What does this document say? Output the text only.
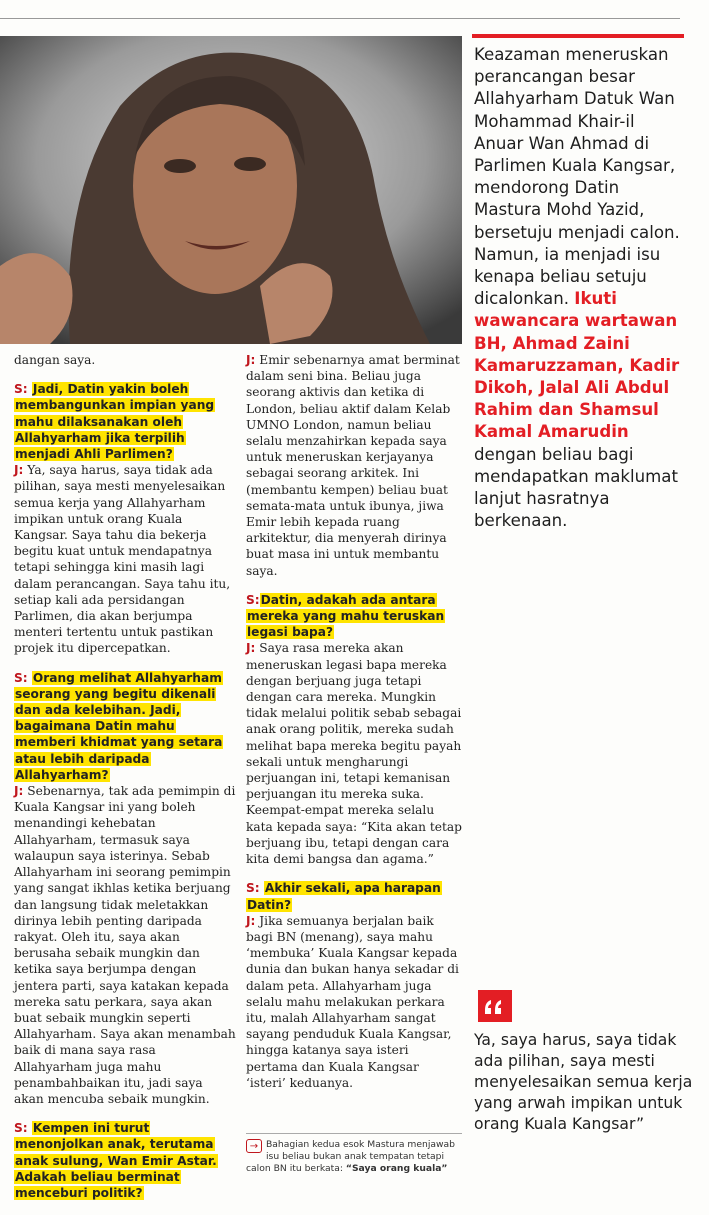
dangan saya.

S: Jadi, Datin yakin boleh membangunkan impian yang mahu dilaksanakan oleh Allahyarham jika terpilih menjadi Ahli Parlimen?
J: Ya, saya harus, saya tidak ada pilihan, saya mesti menyelesaikan semua kerja yang Allahyarham impikan untuk orang Kuala Kangsar. Saya tahu dia bekerja begitu kuat untuk mendapatnya tetapi sehingga kini masih lagi dalam perancangan. Saya tahu itu, setiap kali ada persidangan Parlimen, dia akan berjumpa menteri tertentu untuk pastikan projek itu dipercepatkan.

S: Orang melihat Allahyarham seorang yang begitu dikenali dan ada kelebihan. Jadi, bagaimana Datin mahu memberi khidmat yang setara atau lebih daripada Allahyarham?
J: Sebenarnya, tak ada pemimpin di Kuala Kangsar ini yang boleh menandingi kehebatan Allahyarham, termasuk saya walaupun saya isterinya. Sebab Allahyarham ini seorang pemimpin yang sangat ikhlas ketika berjuang dan langsung tidak meletakkan dirinya lebih penting daripada rakyat. Oleh itu, saya akan berusaha sebaik mungkin dan ketika saya berjumpa dengan jentera parti, saya katakan kepada mereka satu perkara, saya akan buat sebaik mungkin seperti Allahyarham. Saya akan menambah baik di mana saya rasa Allahyarham juga mahu penambahbaikan itu, jadi saya akan mencuba sebaik mungkin.

S: Kempen ini turut menonjolkan anak, terutama anak sulung, Wan Emir Astar. Adakah beliau berminat menceburi politik?

J: Emir sebenarnya amat berminat dalam seni bina. Beliau juga seorang aktivis dan ketika di London, beliau aktif dalam Kelab UMNO London, namun beliau selalu menzahirkan kepada saya untuk meneruskan kerjayanya sebagai seorang arkitek. Ini (membantu kempen) beliau buat semata-mata untuk ibunya, jiwa Emir lebih kepada ruang arkitektur, dia menyerah dirinya buat masa ini untuk membantu saya.

S:Datin, adakah ada antara mereka yang mahu teruskan legasi bapa?
J: Saya rasa mereka akan meneruskan legasi bapa mereka dengan berjuang juga tetapi dengan cara mereka. Mungkin tidak melalui politik sebab sebagai anak orang politik, mereka sudah melihat bapa mereka begitu payah sekali untuk mengharungi perjuangan ini, tetapi kemanisan perjuangan itu mereka suka. Keempat-empat mereka selalu kata kepada saya: “Kita akan tetap berjuang ibu, tetapi dengan cara kita demi bangsa dan agama.”

S: Akhir sekali, apa harapan Datin?
J: Jika semuanya berjalan baik bagi BN (menang), saya mahu ‘membuka’ Kuala Kangsar kepada dunia dan bukan hanya sekadar di dalam peta. Allahyarham juga selalu mahu melakukan perkara itu, malah Allahyarham sangat sayang penduduk Kuala Kangsar, hingga katanya saya isteri pertama dan Kuala Kangsar ‘isteri’ keduanya.

→ Bahagian kedua esok Mastura menjawab isu beliau bukan anak tempatan tetapi calon BN itu berkata: “Saya orang kuala”
Keazaman meneruskan perancangan besar Allahyarham Datuk Wan Mohammad Khair-il Anuar Wan Ahmad di Parlimen Kuala Kangsar, mendorong Datin Mastura Mohd Yazid, bersetuju menjadi calon. Namun, ia menjadi isu kenapa beliau setuju dicalonkan. Ikuti wawancara wartawan BH, Ahmad Zaini Kamaruzzaman, Kadir Dikoh, Jalal Ali Abdul Rahim dan Shamsul Kamal Amarudin dengan beliau bagi mendapatkan maklumat lanjut hasratnya berkenaan.
Ya, saya harus, saya tidak ada pilihan, saya mesti menyelesaikan semua kerja yang arwah impikan untuk orang Kuala Kangsar”
